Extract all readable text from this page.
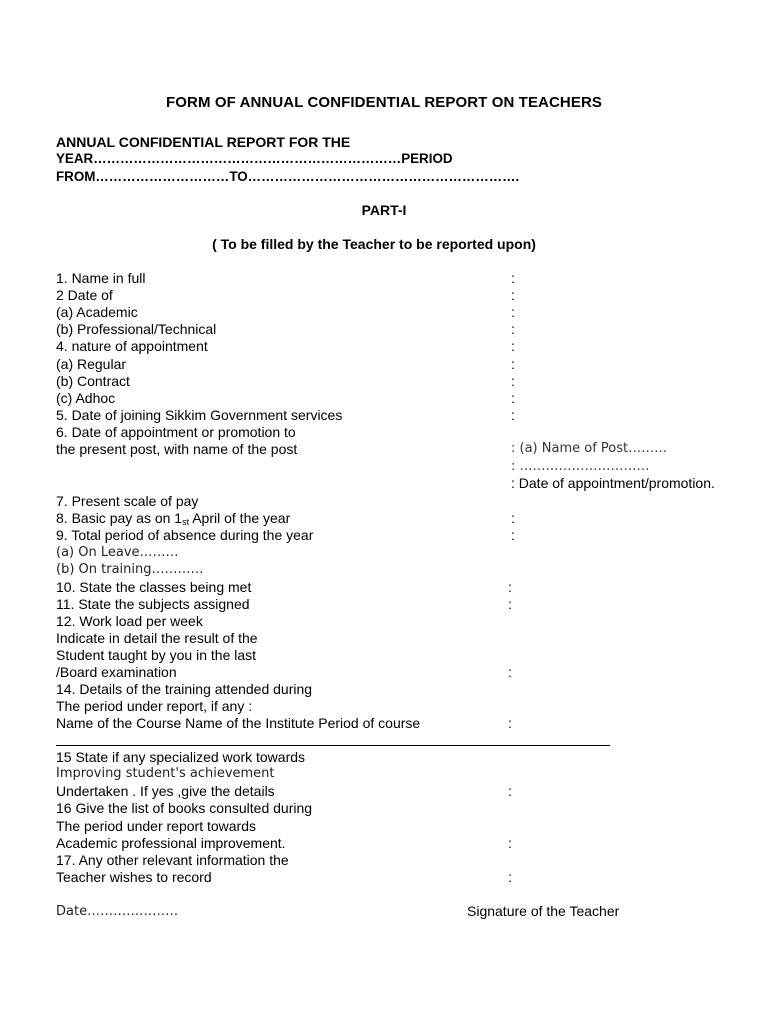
FORM OF ANNUAL CONFIDENTIAL REPORT ON TEACHERS
ANNUAL CONFIDENTIAL REPORT FOR THE
YEAR……………………………………………………………PERIOD
FROM…………………………TO…………………………………………………….
PART-I
( To be filled by the Teacher to be reported upon)
1. Name in full
2 Date of
(a) Academic
(b) Professional/Technical
4. nature of appointment
(a) Regular
(b) Contract
(c) Adhoc
5. Date of joining Sikkim Government services
6. Date of appointment or promotion to
the present post, with name of the post
7. Present scale of pay
8. Basic pay as on $1_{st}$ April of the year
9. Total period of absence during the year
(a) On Leave………
(b) On training…………
10. State the classes being met
11. State the subjects assigned
12. Work load per week
Indicate in detail the result of the
Student taught by you in the last
/Board examination
14. Details of the training attended during
The period under report, if any :
Name of the Course Name of the Institute Period of course
15 State if any specialized work towards
Improving student's achievement
Undertaken . If yes ,give the details
16 Give the list of books consulted during
The period under report towards
Academic professional improvement.
17. Any other relevant information the
Teacher wishes to record
:
:
:
:
:
:
:
:
:
: (a) Name of Post………
: …………………………
: Date of appointment/promotion.
:
:
:
:
:
:
:
:
:
Date…………………	Signature of the Teacher
